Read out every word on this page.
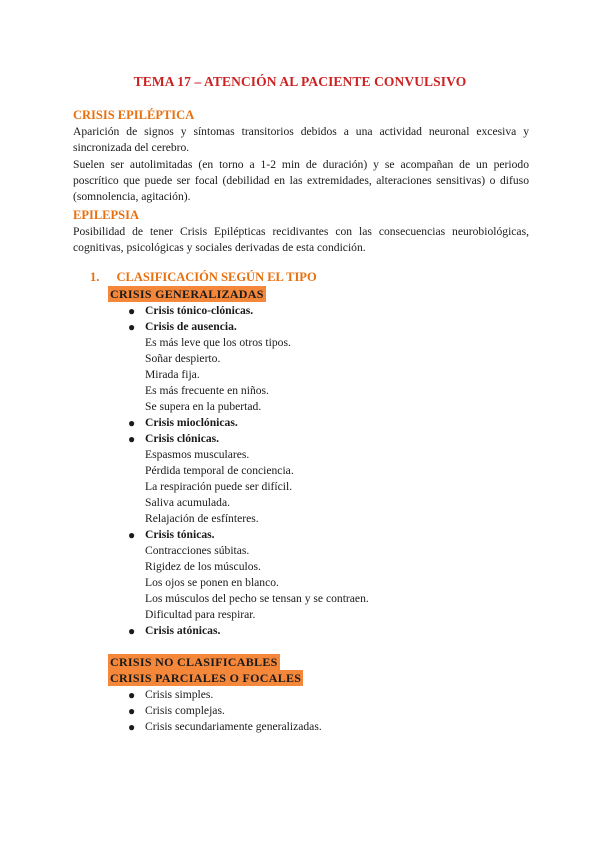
TEMA 17 – ATENCIÓN AL PACIENTE CONVULSIVO
CRISIS EPILÉPTICA

Aparición de signos y síntomas transitorios debidos a una actividad neuronal excesiva y sincronizada del cerebro.

Suelen ser autolimitadas (en torno a 1-2 min de duración) y se acompañan de un periodo poscrítico que puede ser focal (debilidad en las extremidades, alteraciones sensitivas) o difuso (somnolencia, agitación).

EPILEPSIA

Posibilidad de tener Crisis Epilépticas recidivantes con las consecuencias neurobiológicas, cognitivas, psicológicas y sociales derivadas de esta condición.

1. CLASIFICACIÓN SEGÚN EL TIPO
CRISIS GENERALIZADAS
● Crisis tónico-clónicas.
● Crisis de ausencia.
Es más leve que los otros tipos.
Soñar despierto.
Mirada fija.
Es más frecuente en niños.
Se supera en la pubertad.
● Crisis mioclónicas.
● Crisis clónicas.
Espasmos musculares.
Pérdida temporal de conciencia.
La respiración puede ser difícil.
Saliva acumulada.
Relajación de esfínteres.
● Crisis tónicas.
Contracciones súbitas.
Rigidez de los músculos.
Los ojos se ponen en blanco.
Los músculos del pecho se tensan y se contraen.
Dificultad para respirar.
● Crisis atónicas.
CRISIS NO CLASIFICABLES
CRISIS PARCIALES O FOCALES
● Crisis simples.
● Crisis complejas.
● Crisis secundariamente generalizadas.
